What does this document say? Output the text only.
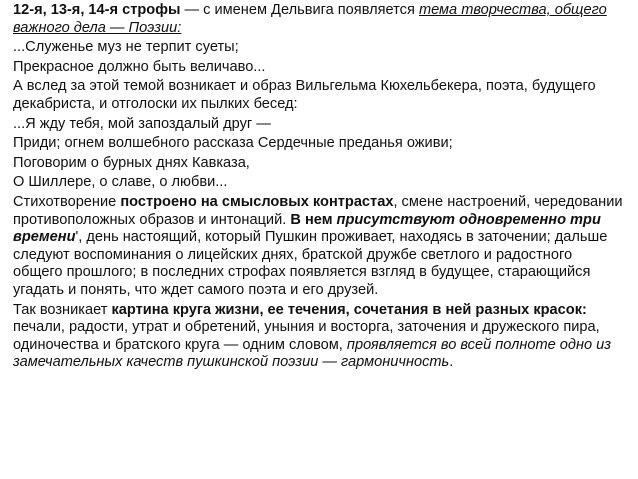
12-я, 13-я, 14-я строфы — с именем Дельвига появляется тема творчества, общего важного дела — Поэзии:

...Служенье муз не терпит суеты;

Прекрасное должно быть величаво...

А вслед за этой темой возникает и образ Вильгельма Кюхельбекера, поэта, будущего декабриста, и отголоски их пылких бесед:

...Я жду тебя, мой запоздалый друг —

Приди; огнем волшебного рассказа Сердечные преданья оживи;

Поговорим о бурных днях Кавказа,

О Шиллере, о славе, о любви...

Стихотворение построено на смысловых контрастах, смене настроений, чередовании противоположных образов и интонаций. В нем присутствуют одновременно три времени', день настоящий, который Пушкин проживает, находясь в заточении; дальше следуют воспоминания о лицейских днях, братской дружбе светлого и радостного общего прошлого; в последних строфах появляется взгляд в будущее, старающийся угадать и понять, что ждет самого поэта и его друзей.

Так возникает картина круга жизни, ее течения, сочетания в ней разных красок: печали, радости, утрат и обретений, уныния и восторга, заточения и дружеского пира, одиночества и братского круга — одним словом, проявляется во всей полноте одно из замечательных качеств пушкинской поэзии — гармоничность.
